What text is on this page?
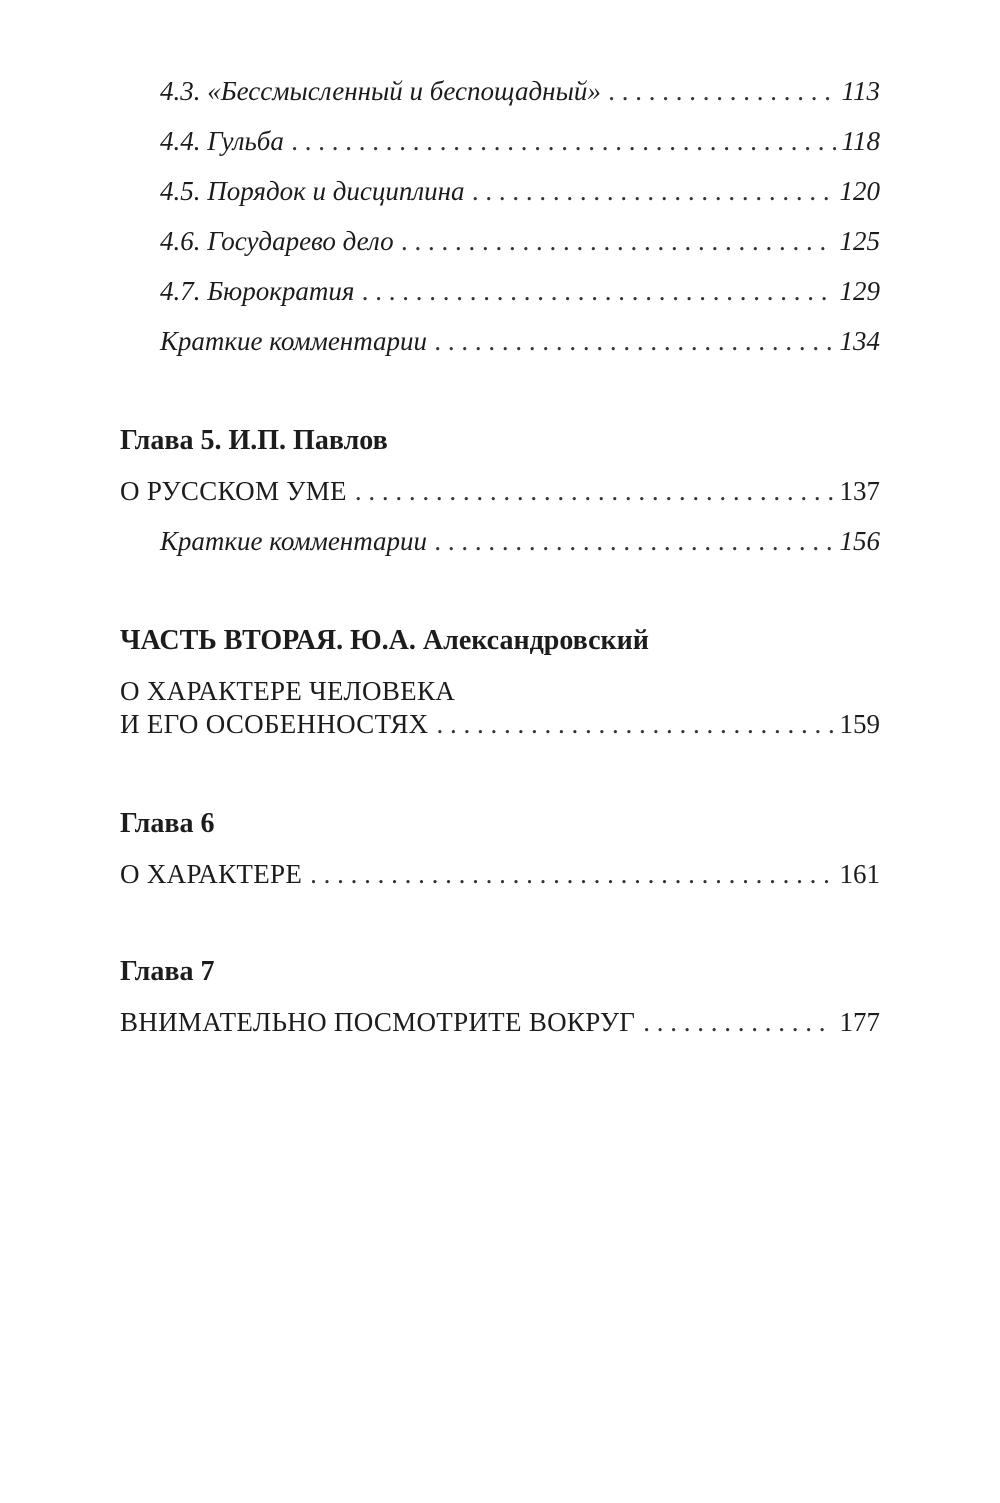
4.3. «Бессмысленный и беспощадный» . . .	113
4.4. Гульба . . .	118
4.5. Порядок и дисциплина . . .	120
4.6. Государево дело . . .	125
4.7. Бюрократия . . .	129
Краткие комментарии . . .	134
Глава 5. И.П. Павлов
О РУССКОМ УМЕ . . .	137
Краткие комментарии . . .	156
ЧАСТЬ ВТОРАЯ. Ю.А. Александровский
О ХАРАКТЕРЕ ЧЕЛОВЕКА
И ЕГО ОСОБЕННОСТЯХ . . .	159
Глава 6
О ХАРАКТЕРЕ . . .	161
Глава 7
ВНИМАТЕЛЬНО ПОСМОТРИТЕ ВОКРУГ . . .	177
